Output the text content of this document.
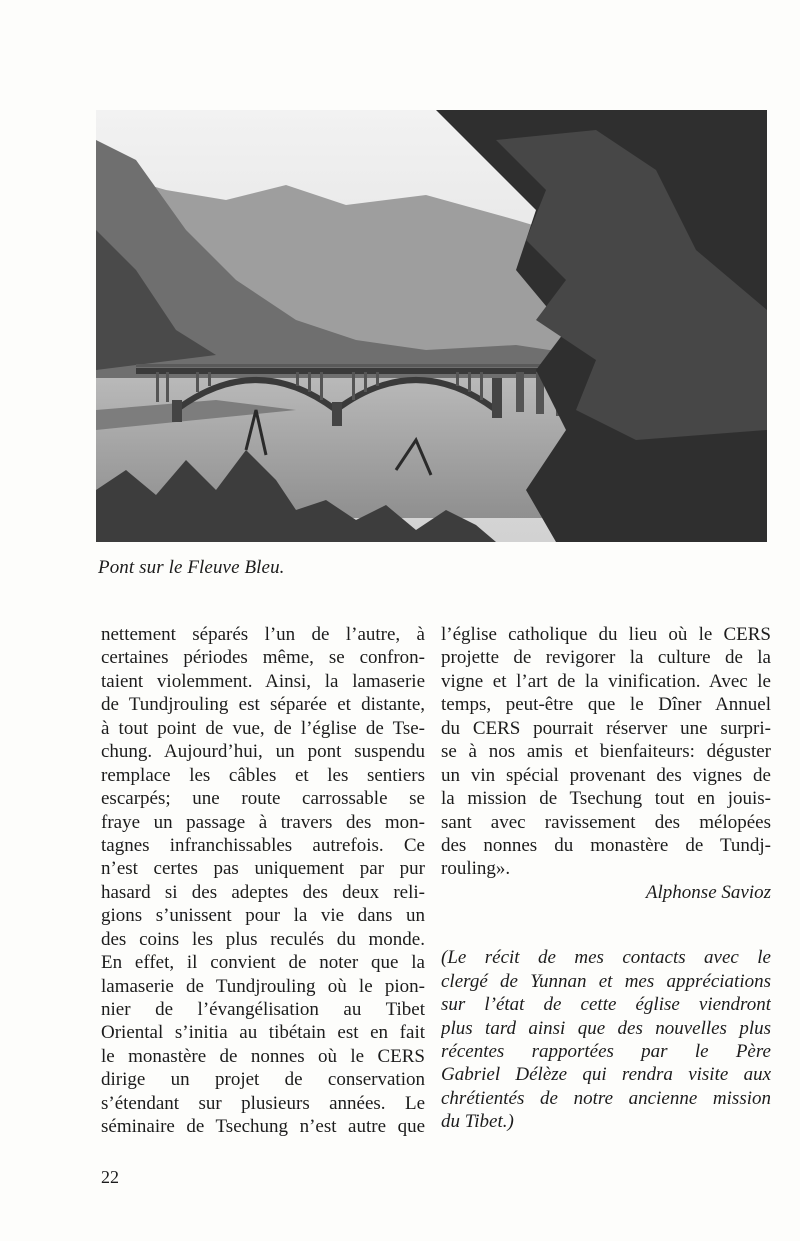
Pont sur le Fleuve Bleu.
nettement séparés l’un de l’autre, à
certaines périodes même, se confron-
taient violemment. Ainsi, la lamaserie
de Tundjrouling est séparée et distante,
à tout point de vue, de l’église de Tse-
chung. Aujourd’hui, un pont suspendu
remplace les câbles et les sentiers
escarpés; une route carrossable se
fraye un passage à travers des mon-
tagnes infranchissables autrefois. Ce
n’est certes pas uniquement par pur
hasard si des adeptes des deux reli-
gions s’unissent pour la vie dans un
des coins les plus reculés du monde.
En effet, il convient de noter que la
lamaserie de Tundjrouling où le pion-
nier de l’évangélisation au Tibet
Oriental s’initia au tibétain est en fait
le monastère de nonnes où le CERS
dirige un projet de conservation
s’étendant sur plusieurs années. Le
séminaire de Tsechung n’est autre que
l’église catholique du lieu où le CERS
projette de revigorer la culture de la
vigne et l’art de la vinification. Avec le
temps, peut-être que le Dîner Annuel
du CERS pourrait réserver une surpri-
se à nos amis et bienfaiteurs: déguster
un vin spécial provenant des vignes de
la mission de Tsechung tout en jouis-
sant avec ravissement des mélopées
des nonnes du monastère de Tundj-
rouling».
Alphonse Savioz
(Le récit de mes contacts avec le
clergé de Yunnan et mes appréciations
sur l’état de cette église viendront
plus tard ainsi que des nouvelles plus
récentes rapportées par le Père
Gabriel Délèze qui rendra visite aux
chrétientés de notre ancienne mission
du Tibet.)
22
